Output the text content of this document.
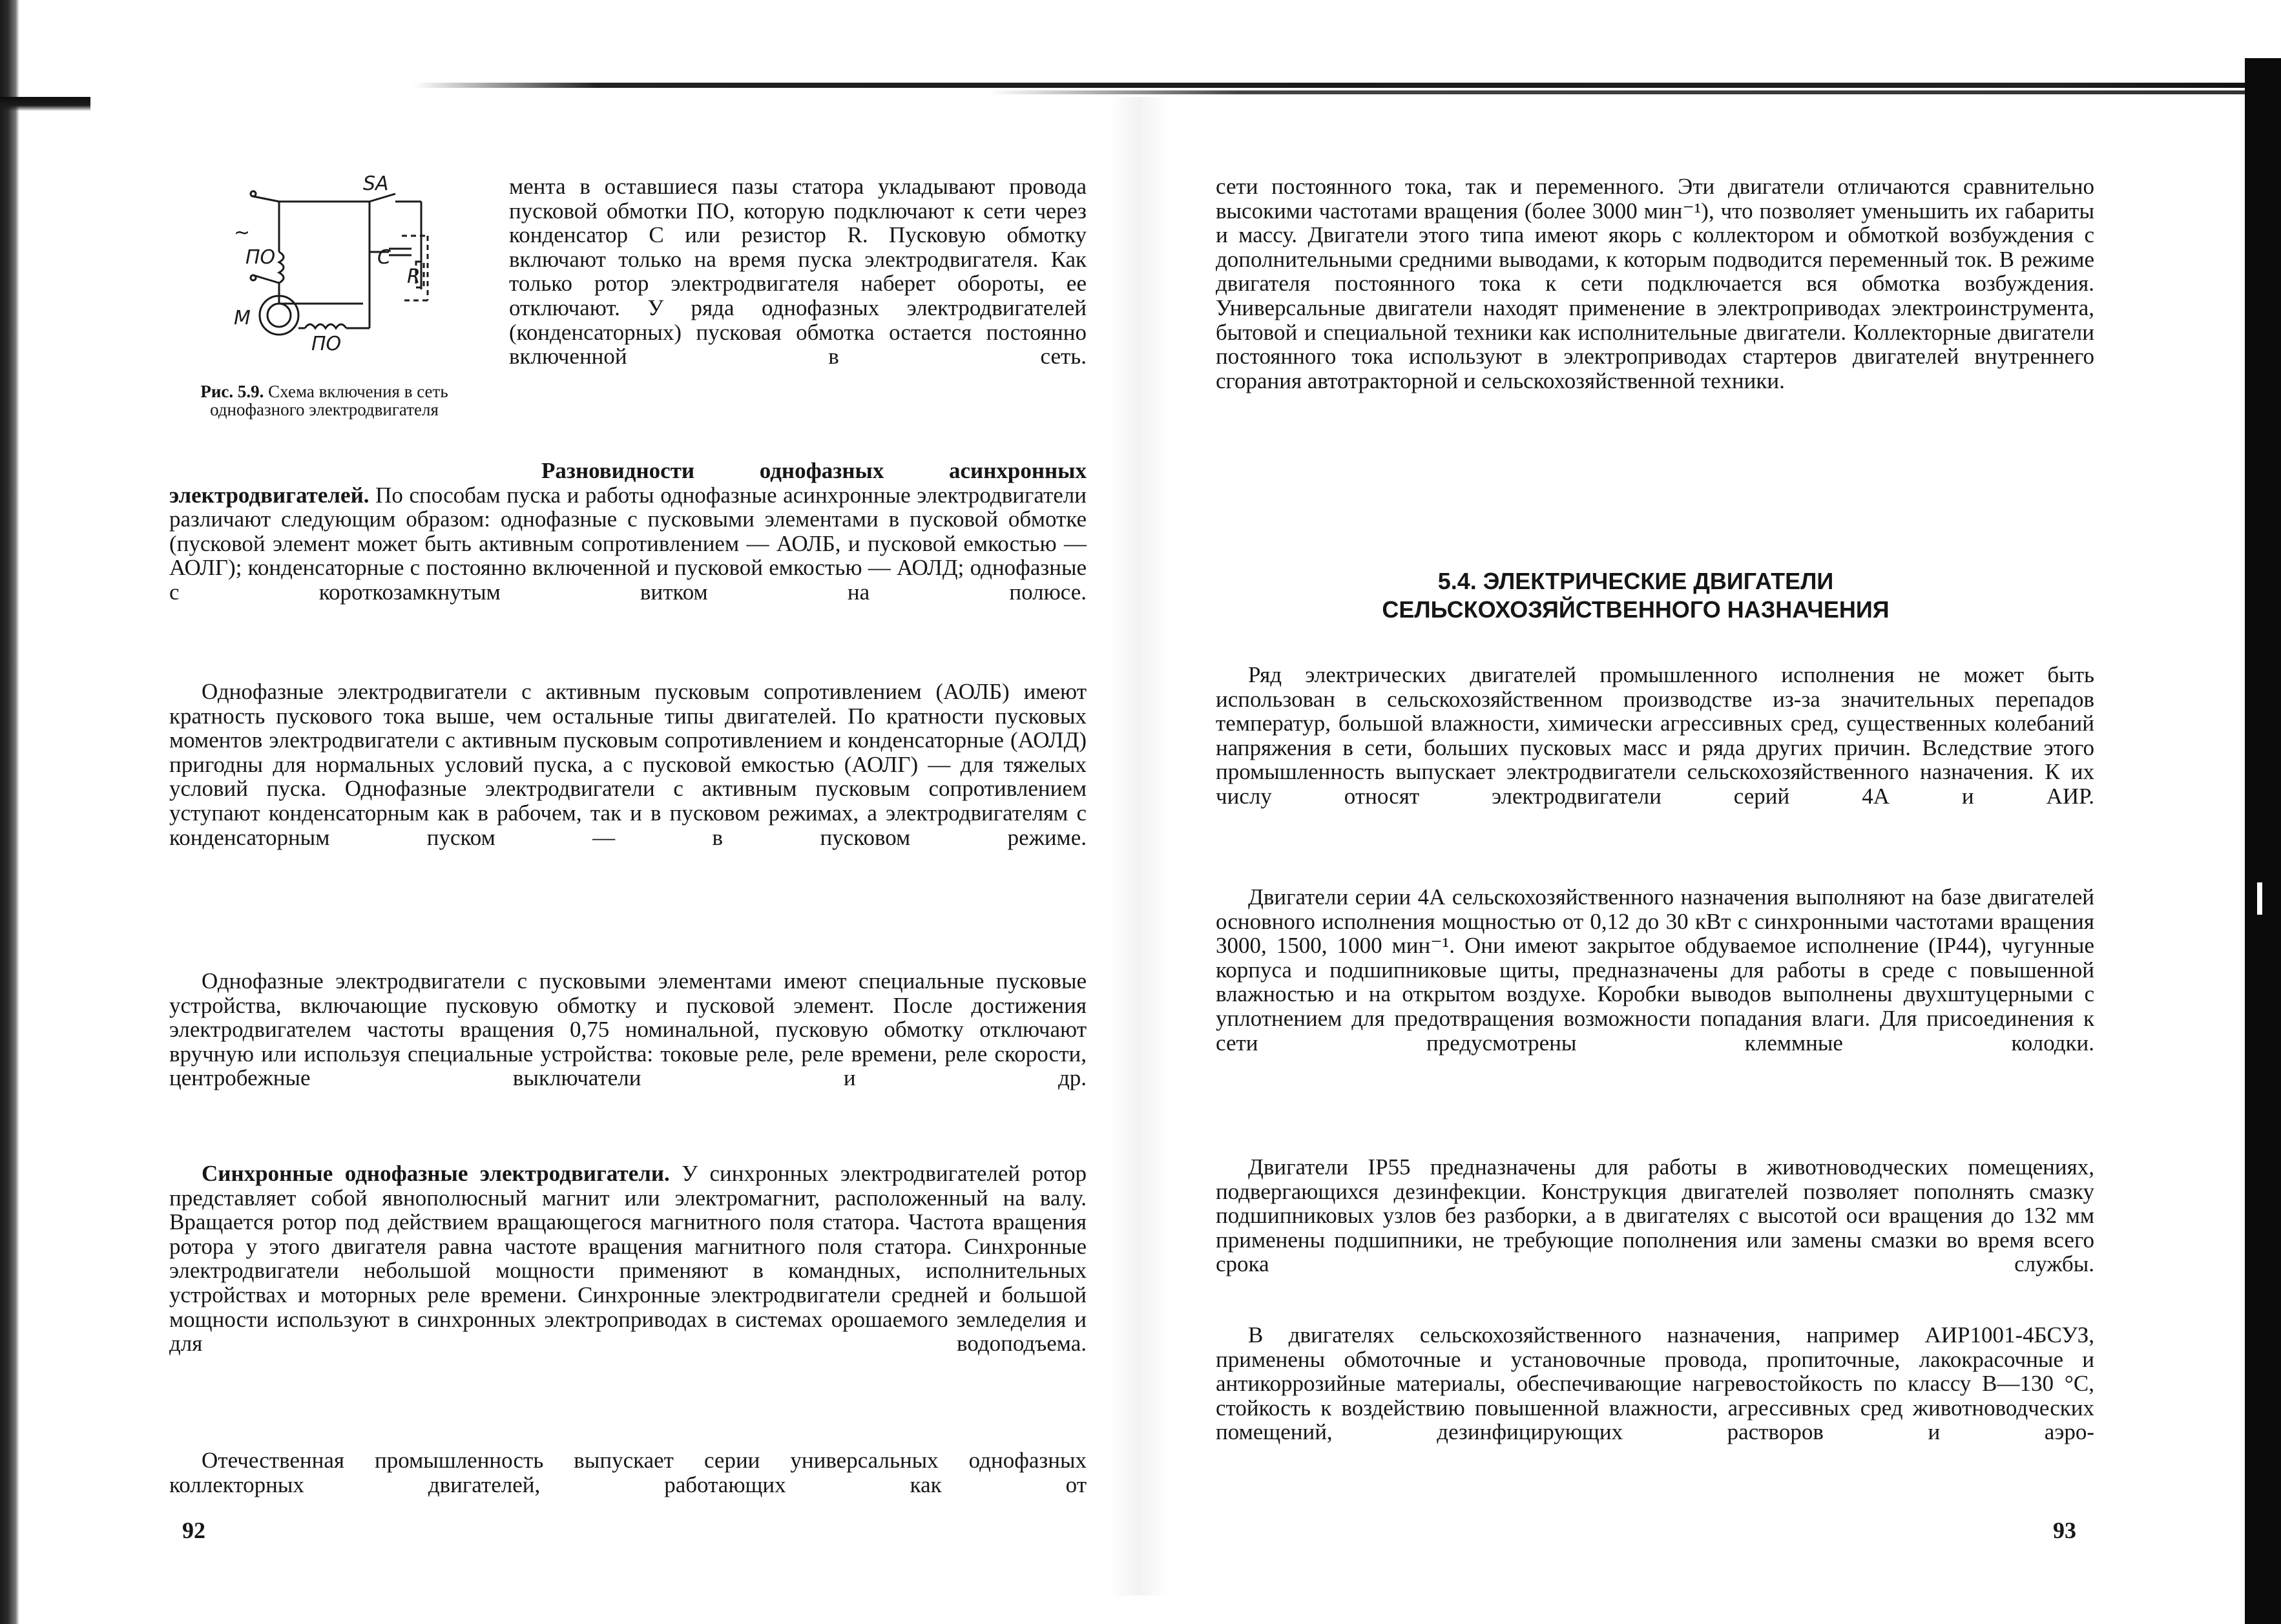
SA
~
ПО	C
R
M
ПО
Рис. 5.9. Схема включения в сеть однофазного электродвигателя

мента в оставшиеся пазы статора укладывают провода пусковой обмотки ПО, которую подключают к сети через конденсатор C или резистор R. Пусковую обмотку включают только на время пуска электродвигателя. Как только ротор электродвигателя наберет обороты, ее отключают. У ряда однофазных электродвигателей (конденсаторных) пусковая обмотка остается постоянно включенной в сеть.

Разновидности однофазных асинхронных электродвигателей. По способам пуска и работы однофазные асинхронные электродвигатели различают следующим образом: однофазные с пусковыми элементами в пусковой обмотке (пусковой элемент может быть активным сопротивлением — АОЛБ, и пусковой емкостью — АОЛГ); конденсаторные с постоянно включенной и пусковой емкостью — АОЛД; однофазные с короткозамкнутым витком на полюсе.

Однофазные электродвигатели с активным пусковым сопротивлением (АОЛБ) имеют кратность пускового тока выше, чем остальные типы двигателей. По кратности пусковых моментов электродвигатели с активным пусковым сопротивлением и конденсаторные (АОЛД) пригодны для нормальных условий пуска, а с пусковой емкостью (АОЛГ) — для тяжелых условий пуска. Однофазные электродвигатели с активным пусковым сопротивлением уступают конденсаторным как в рабочем, так и в пусковом режимах, а электродвигателям с конденсаторным пуском — в пусковом режиме.

Однофазные электродвигатели с пусковыми элементами имеют специальные пусковые устройства, включающие пусковую обмотку и пусковой элемент. После достижения электродвигателем частоты вращения 0,75 номинальной, пусковую обмотку отключают вручную или используя специальные устройства: токовые реле, реле времени, реле скорости, центробежные выключатели и др.

Синхронные однофазные электродвигатели. У синхронных электродвигателей ротор представляет собой явнополюсный магнит или электромагнит, расположенный на валу. Вращается ротор под действием вращающегося магнитного поля статора. Частота вращения ротора у этого двигателя равна частоте вращения магнитного поля статора. Синхронные электродвигатели небольшой мощности применяют в командных, исполнительных устройствах и моторных реле времени. Синхронные электродвигатели средней и большой мощности используют в синхронных электроприводах в системах орошаемого земледелия и для водоподъема.

Отечественная промышленность выпускает серии универсальных однофазных коллекторных двигателей, работающих как от

92

сети постоянного тока, так и переменного. Эти двигатели отличаются сравнительно высокими частотами вращения (более 3000 мин⁻¹), что позволяет уменьшить их габариты и массу. Двигатели этого типа имеют якорь с коллектором и обмоткой возбуждения с дополнительными средними выводами, к которым подводится переменный ток. В режиме двигателя постоянного тока к сети подключается вся обмотка возбуждения. Универсальные двигатели находят применение в электроприводах электроинструмента, бытовой и специальной техники как исполнительные двигатели. Коллекторные двигатели постоянного тока используют в электроприводах стартеров двигателей внутреннего сгорания автотракторной и сельскохозяйственной техники.

5.4. ЭЛЕКТРИЧЕСКИЕ ДВИГАТЕЛИ
СЕЛЬСКОХОЗЯЙСТВЕННОГО НАЗНАЧЕНИЯ

Ряд электрических двигателей промышленного исполнения не может быть использован в сельскохозяйственном производстве из-за значительных перепадов температур, большой влажности, химически агрессивных сред, существенных колебаний напряжения в сети, больших пусковых масс и ряда других причин. Вследствие этого промышленность выпускает электродвигатели сельскохозяйственного назначения. К их числу относят электродвигатели серий 4А и АИР.

Двигатели серии 4А сельскохозяйственного назначения выполняют на базе двигателей основного исполнения мощностью от 0,12 до 30 кВт с синхронными частотами вращения 3000, 1500, 1000 мин⁻¹. Они имеют закрытое обдуваемое исполнение (IP44), чугунные корпуса и подшипниковые щиты, предназначены для работы в среде с повышенной влажностью и на открытом воздухе. Коробки выводов выполнены двухштуцерными с уплотнением для предотвращения возможности попадания влаги. Для присоединения к сети предусмотрены клеммные колодки.

Двигатели IP55 предназначены для работы в животноводческих помещениях, подвергающихся дезинфекции. Конструкция двигателей позволяет пополнять смазку подшипниковых узлов без разборки, а в двигателях с высотой оси вращения до 132 мм применены подшипники, не требующие пополнения или замены смазки во время всего срока службы.

В двигателях сельскохозяйственного назначения, например АИР1001-4БСУЗ, применены обмоточные и установочные провода, пропиточные, лакокрасочные и антикоррозийные материалы, обеспечивающие нагревостойкость по классу В—130 °С, стойкость к воздействию повышенной влажности, агрессивных сред животноводческих помещений, дезинфицирующих растворов и аэро-

93
